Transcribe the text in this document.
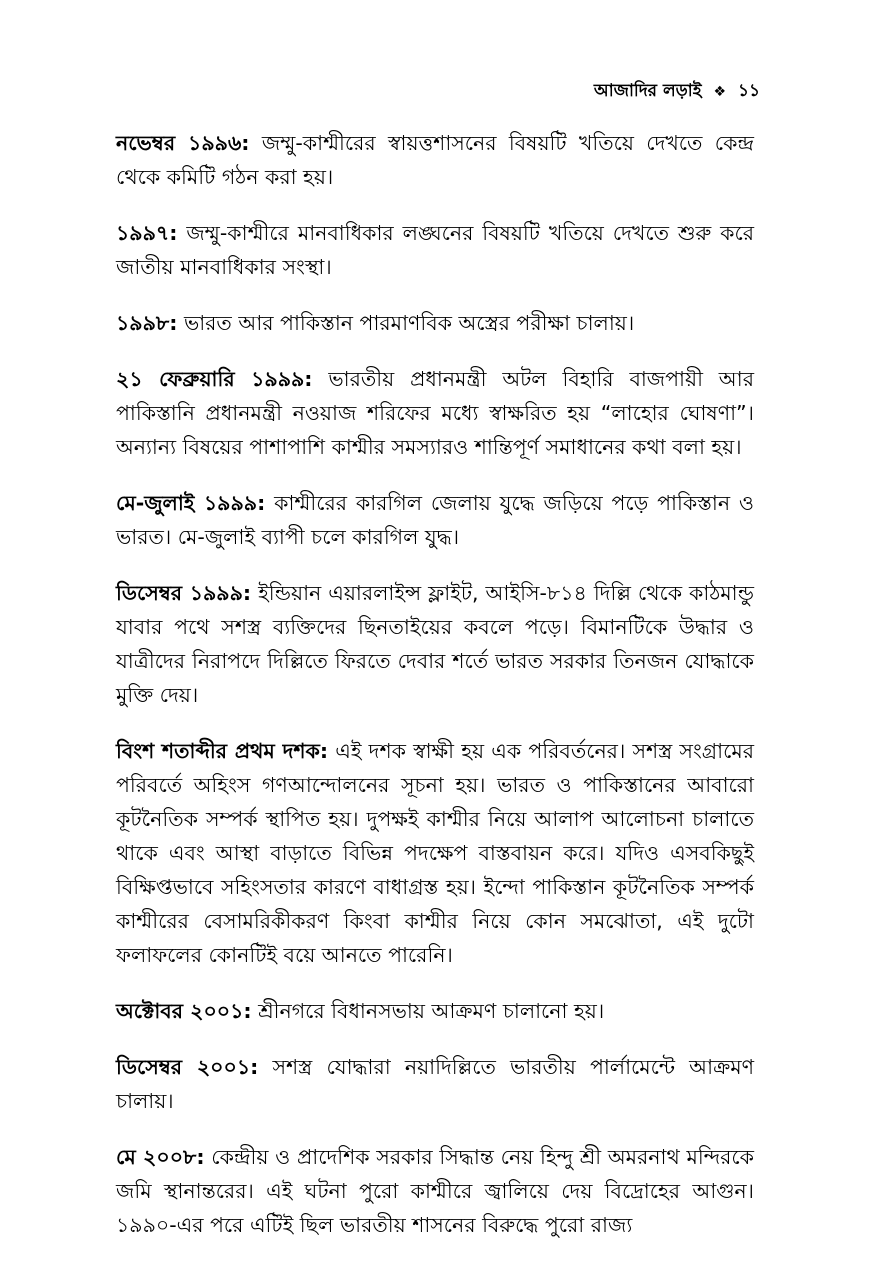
আজাদির লড়াই ❖ ১১

নভেম্বর ১৯৯৬: জম্মু-কাশ্মীরের স্বায়ত্তশাসনের বিষয়টি খতিয়ে দেখতে কেন্দ্র থেকে কমিটি গঠন করা হয়।

১৯৯৭: জম্মু-কাশ্মীরে মানবাধিকার লঙ্ঘনের বিষয়টি খতিয়ে দেখতে শুরু করে জাতীয় মানবাধিকার সংস্থা।

১৯৯৮: ভারত আর পাকিস্তান পারমাণবিক অস্ত্রের পরীক্ষা চালায়।

২১ ফেব্রুয়ারি ১৯৯৯: ভারতীয় প্রধানমন্ত্রী অটল বিহারি বাজপায়ী আর পাকিস্তানি প্রধানমন্ত্রী নওয়াজ শরিফের মধ্যে স্বাক্ষরিত হয় “লাহোর ঘোষণা”। অন্যান্য বিষয়ের পাশাপাশি কাশ্মীর সমস্যারও শান্তিপূর্ণ সমাধানের কথা বলা হয়।

মে-জুলাই ১৯৯৯: কাশ্মীরের কারগিল জেলায় যুদ্ধে জড়িয়ে পড়ে পাকিস্তান ও ভারত। মে-জুলাই ব্যাপী চলে কারগিল যুদ্ধ।

ডিসেম্বর ১৯৯৯: ইন্ডিয়ান এয়ারলাইন্স ফ্লাইট, আইসি-৮১৪ দিল্লি থেকে কাঠমান্ডু যাবার পথে সশস্ত্র ব্যক্তিদের ছিনতাইয়ের কবলে পড়ে। বিমানটিকে উদ্ধার ও যাত্রীদের নিরাপদে দিল্লিতে ফিরতে দেবার শর্তে ভারত সরকার তিনজন যোদ্ধাকে মুক্তি দেয়।

বিংশ শতাব্দীর প্রথম দশক: এই দশক স্বাক্ষী হয় এক পরিবর্তনের। সশস্ত্র সংগ্রামের পরিবর্তে অহিংস গণআন্দোলনের সূচনা হয়। ভারত ও পাকিস্তানের আবারো কূটনৈতিক সম্পর্ক স্থাপিত হয়। দুপক্ষই কাশ্মীর নিয়ে আলাপ আলোচনা চালাতে থাকে এবং আস্থা বাড়াতে বিভিন্ন পদক্ষেপ বাস্তবায়ন করে। যদিও এসবকিছুই বিক্ষিপ্তভাবে সহিংসতার কারণে বাধাগ্রস্ত হয়। ইন্দো পাকিস্তান কূটনৈতিক সম্পর্ক কাশ্মীরের বেসামরিকীকরণ কিংবা কাশ্মীর নিয়ে কোন সমঝোতা, এই দুটো ফলাফলের কোনটিই বয়ে আনতে পারেনি।

অক্টোবর ২০০১: শ্রীনগরে বিধানসভায় আক্রমণ চালানো হয়।

ডিসেম্বর ২০০১: সশস্ত্র যোদ্ধারা নয়াদিল্লিতে ভারতীয় পার্লামেন্টে আক্রমণ চালায়।

মে ২০০৮: কেন্দ্রীয় ও প্রাদেশিক সরকার সিদ্ধান্ত নেয় হিন্দু শ্রী অমরনাথ মন্দিরকে জমি স্থানান্তরের। এই ঘটনা পুরো কাশ্মীরে জ্বালিয়ে দেয় বিদ্রোহের আগুন। ১৯৯০-এর পরে এটিই ছিল ভারতীয় শাসনের বিরুদ্ধে পুরো রাজ্য
